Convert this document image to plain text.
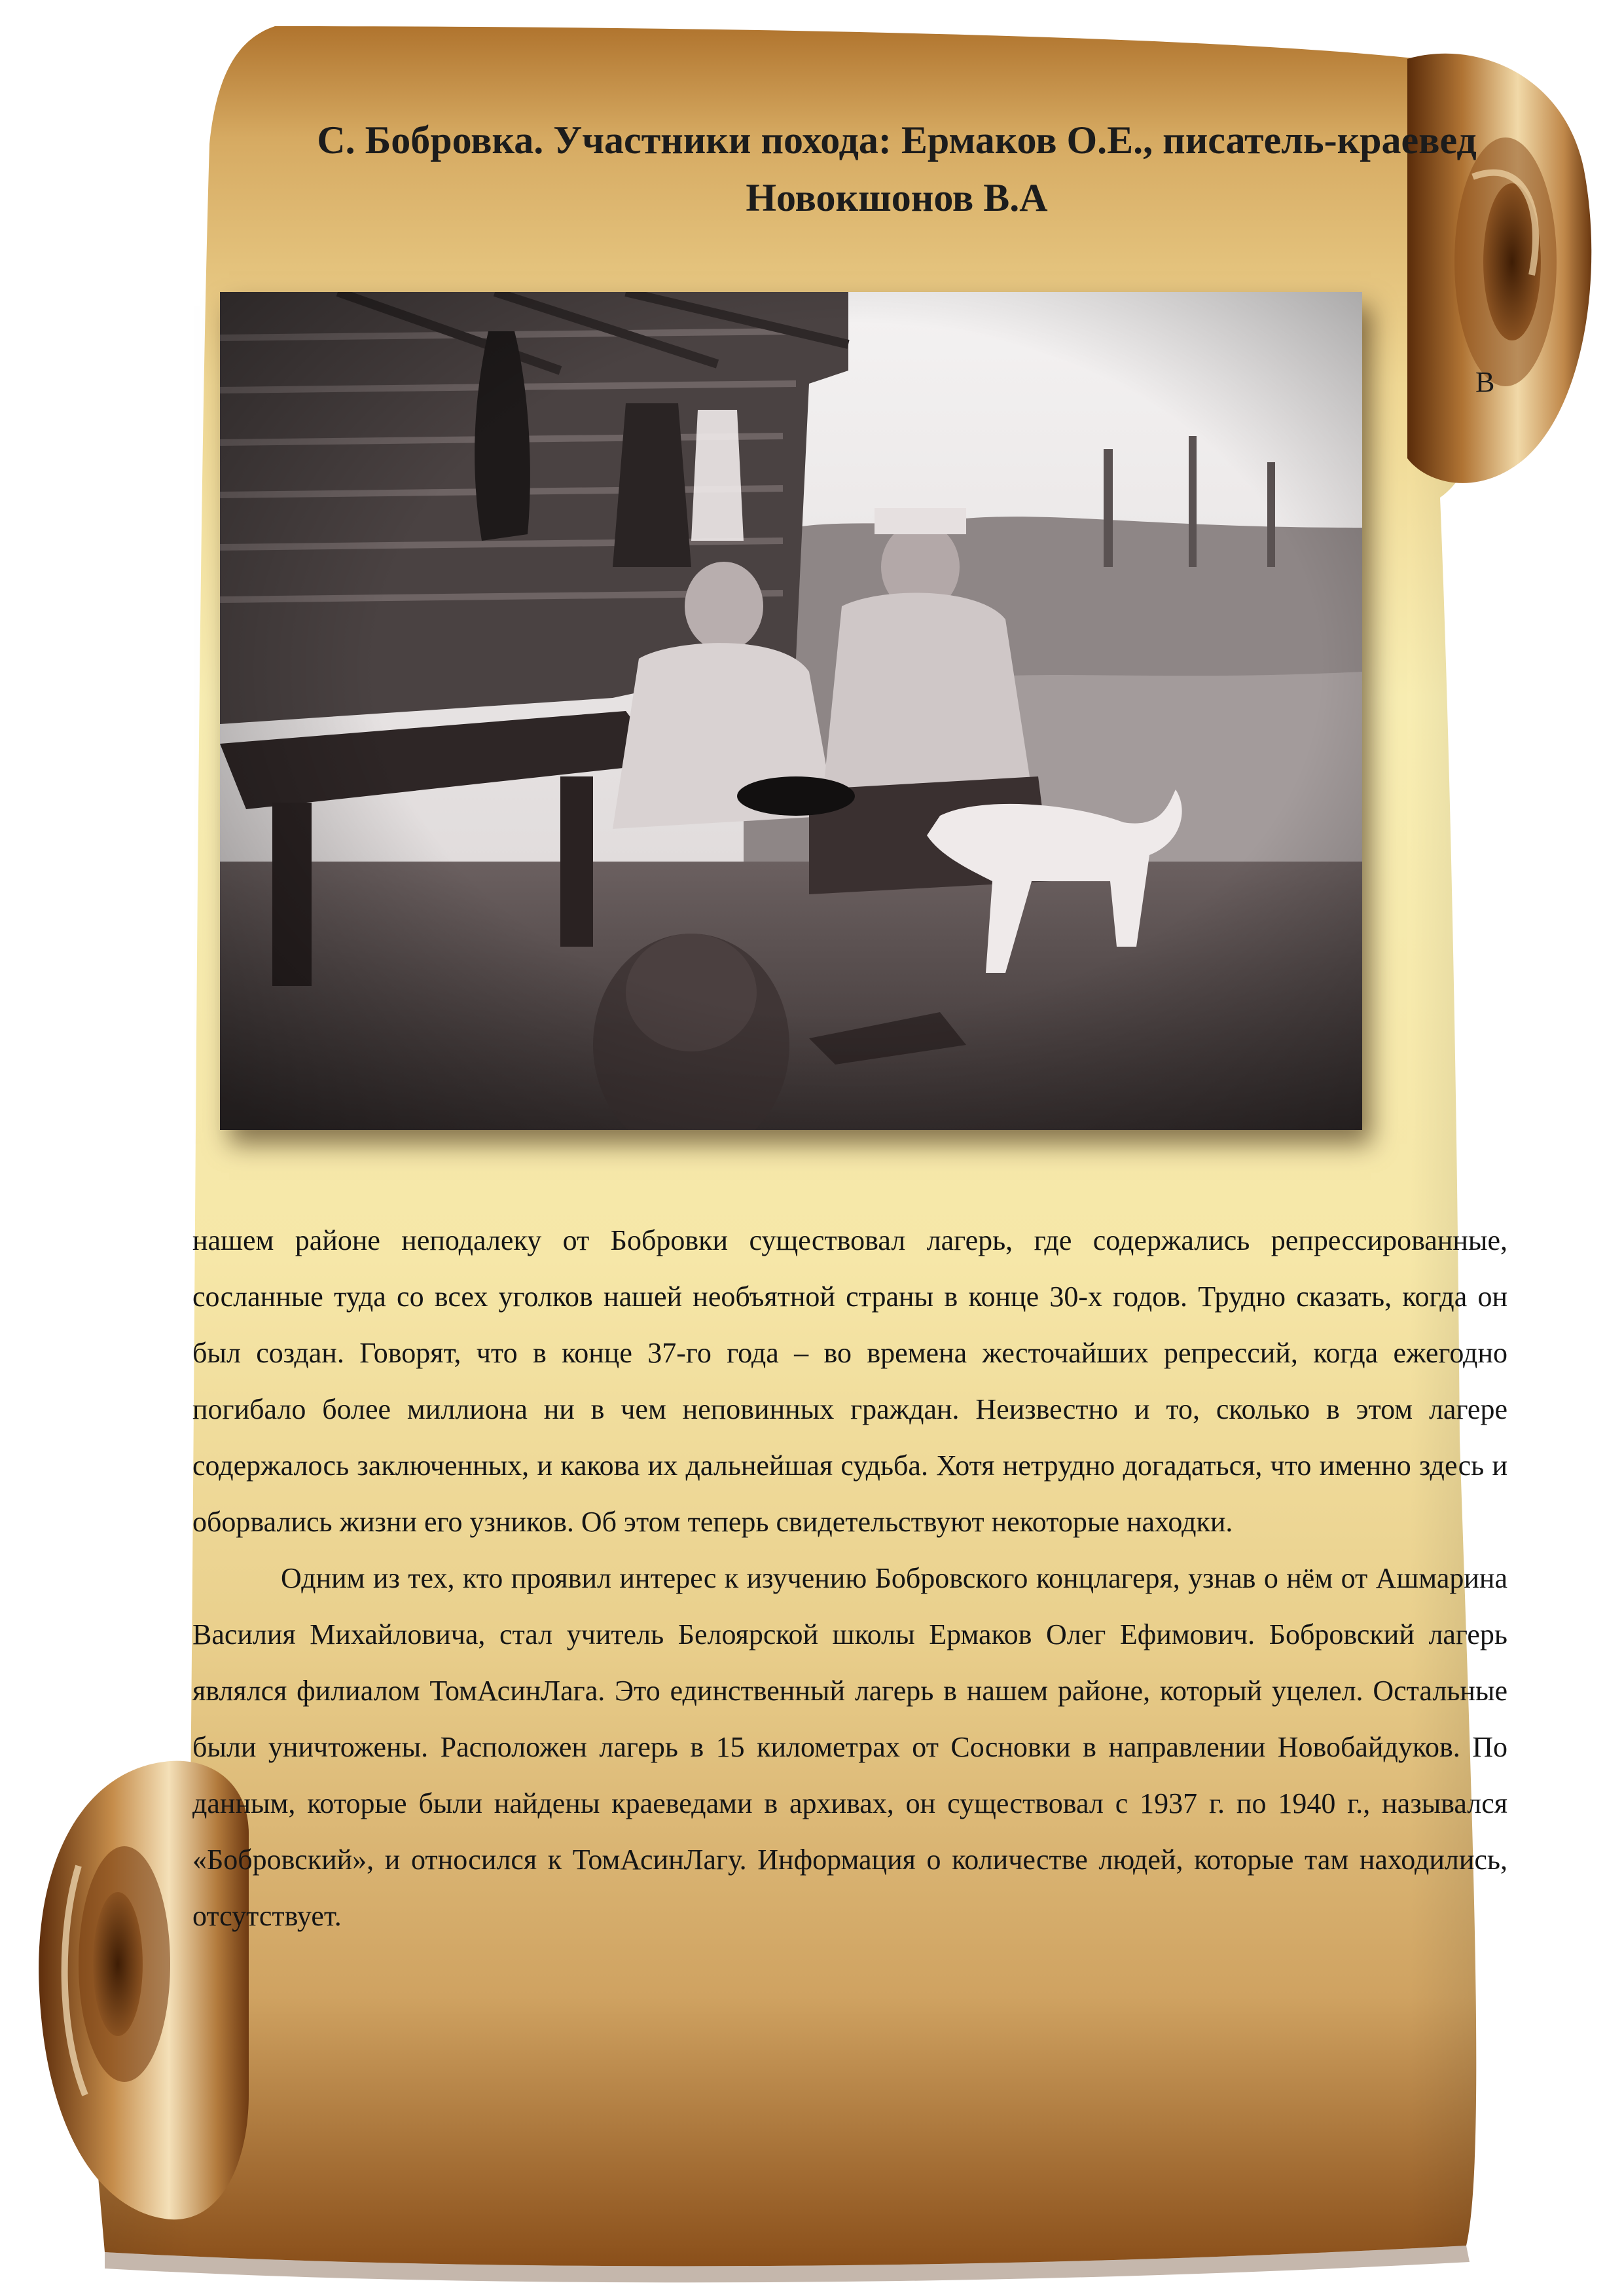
С. Бобровка. Участники похода: Ермаков О.Е., писатель-краевед Новокшонов В.А
В

нашем районе неподалеку от Бобровки существовал лагерь, где содержались репрессированные, сосланные туда со всех уголков нашей необъятной страны в конце 30-х годов. Трудно сказать, когда он был создан. Говорят, что в конце 37-го года – во времена жесточайших репрессий, когда ежегодно погибало более миллиона ни в чем неповинных граждан. Неизвестно и то, сколько в этом лагере содержалось заключенных, и какова их дальнейшая судьба. Хотя нетрудно догадаться, что именно здесь и оборвались жизни его узников. Об этом теперь свидетельствуют некоторые находки.

Одним из тех, кто проявил интерес к изучению Бобровского концлагеря, узнав о нём от Ашмарина Василия Михайловича, стал учитель Белоярской школы Ермаков Олег Ефимович. Бобровский лагерь являлся филиалом ТомАсинЛага. Это единственный лагерь в нашем районе, который уцелел. Остальные были уничтожены. Расположен лагерь в 15 километрах от Сосновки в направлении Новобайдуков. По данным, которые были найдены краеведами в архивах, он существовал с 1937 г. по 1940 г., назывался «Бобровский», и относился к ТомАсинЛагу. Информация о количестве людей, которые там находились, отсутствует.
